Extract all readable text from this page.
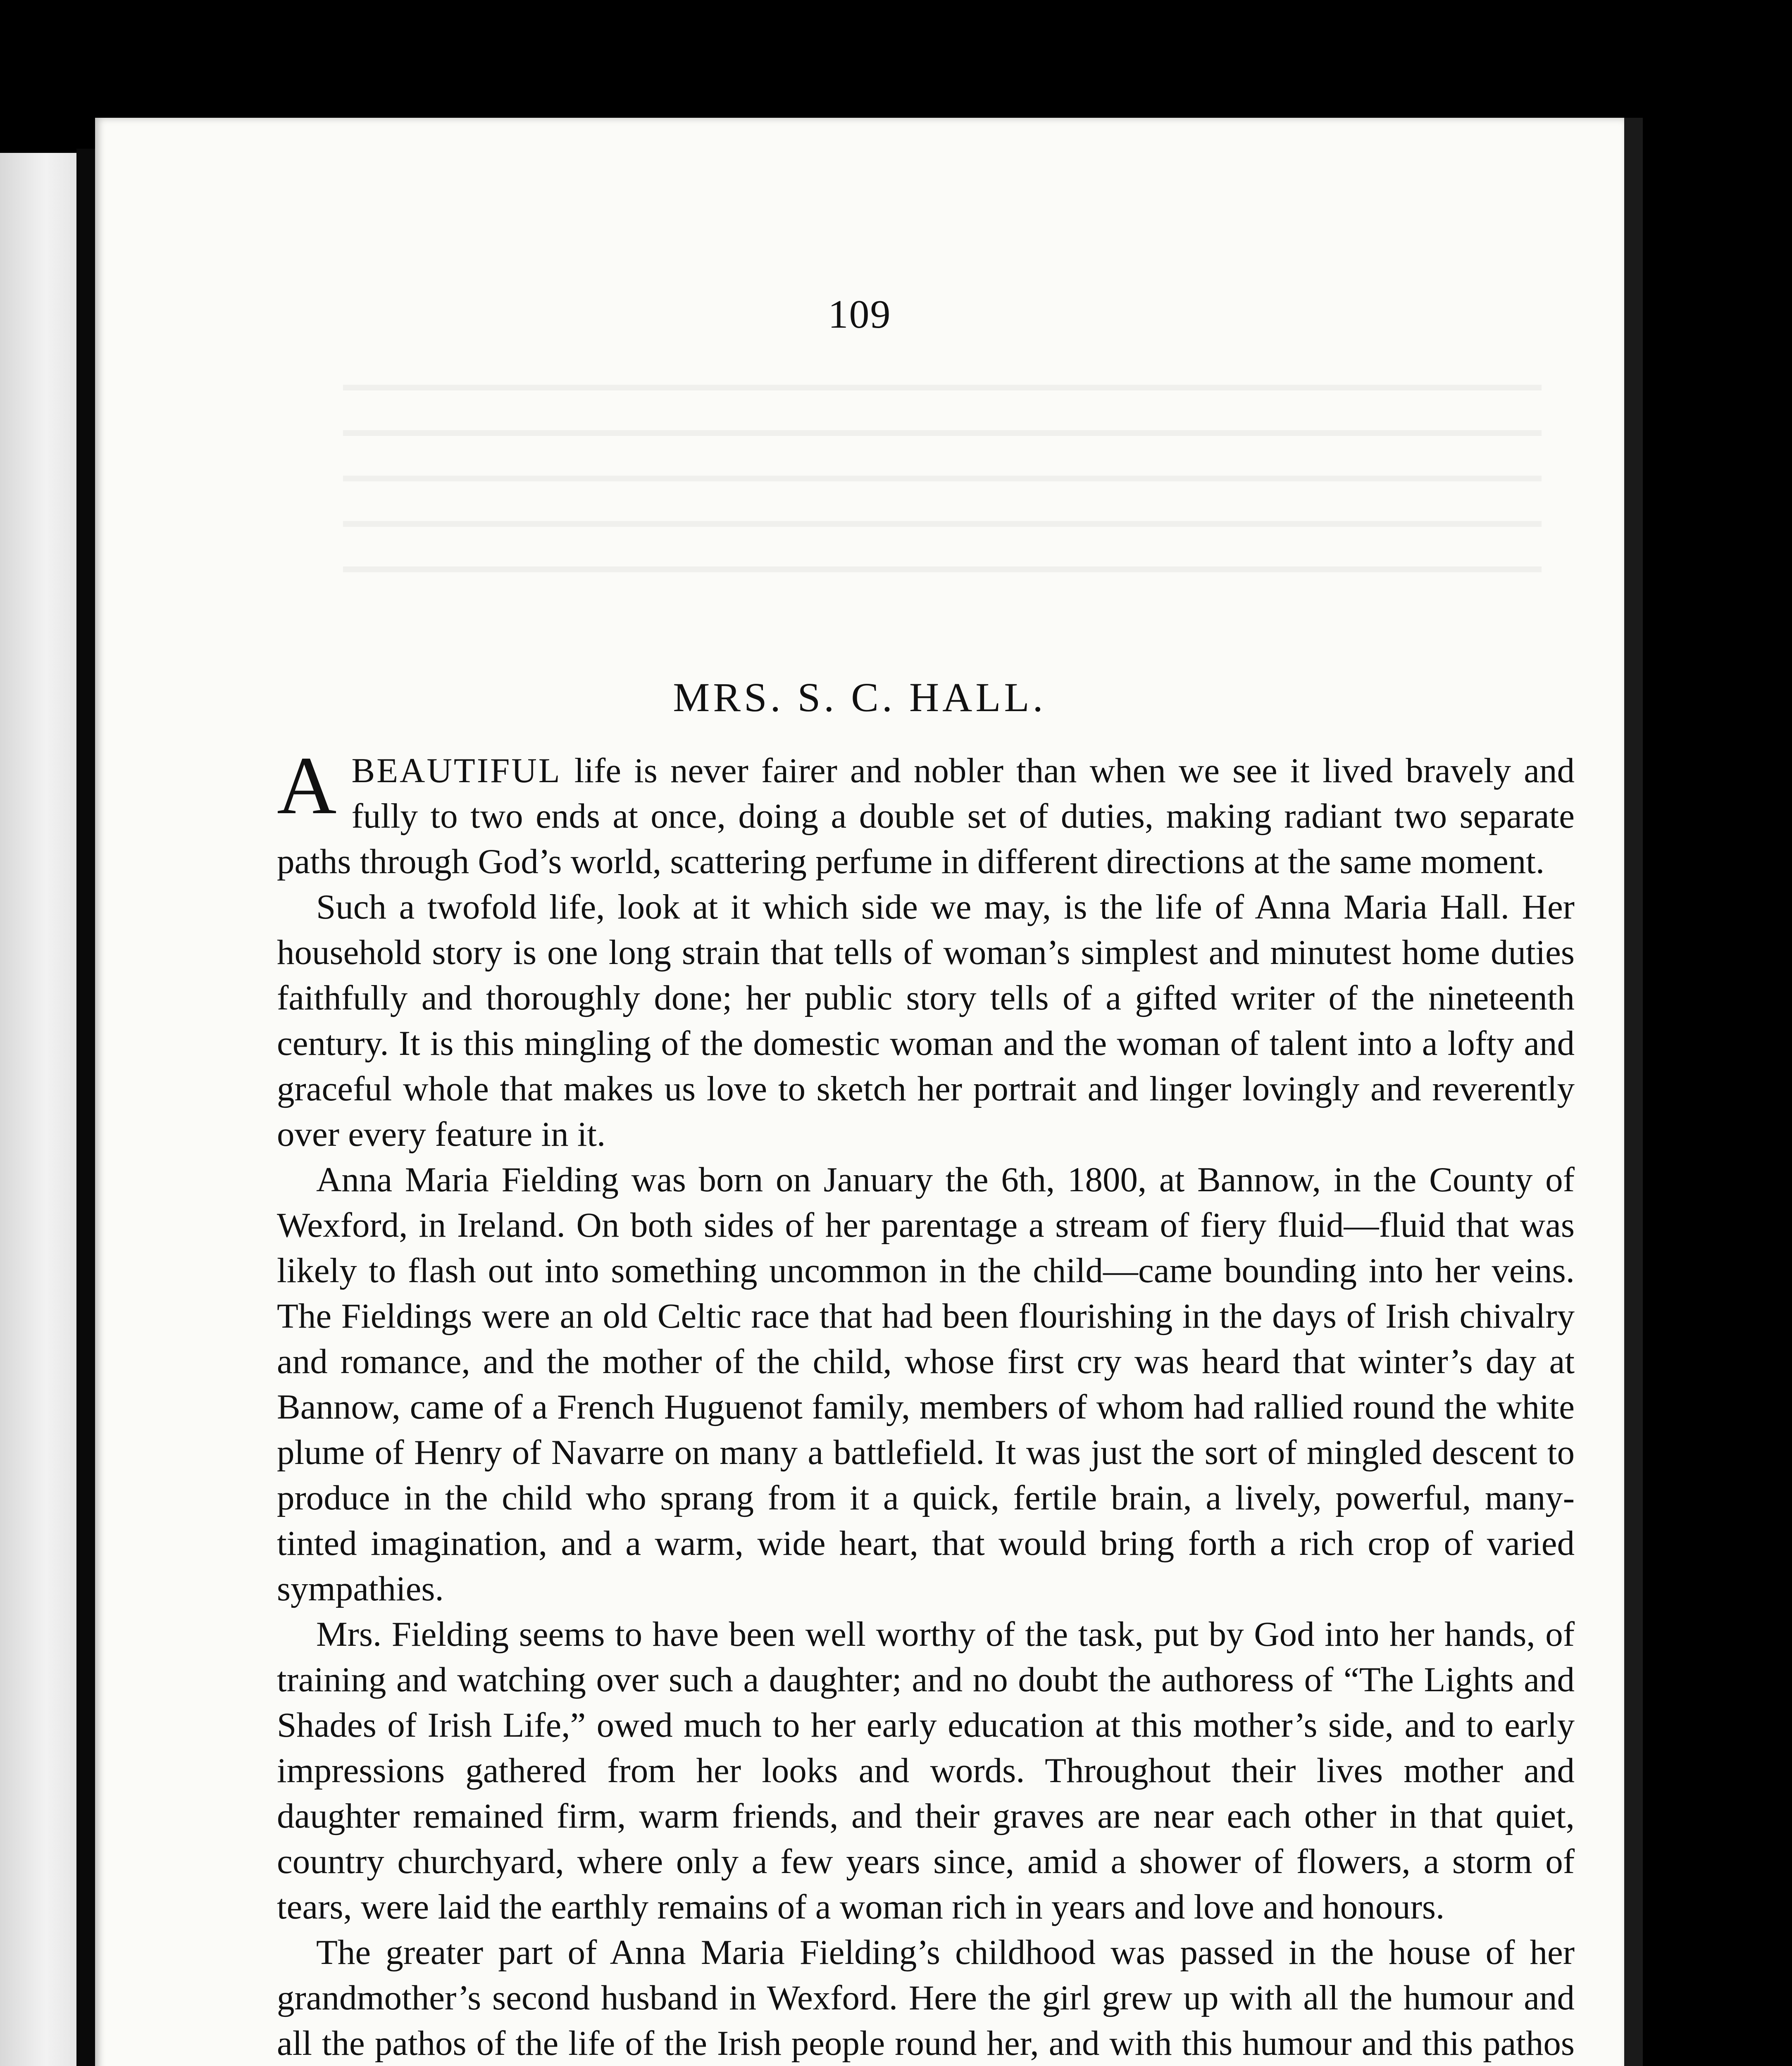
109
MRS. S. C. HALL.

ABEAUTIFUL life is never fairer and nobler than when we see it lived bravely and fully to two ends at once, doing a double set of duties, making radiant two separate paths through God’s world, scattering perfume in different directions at the same moment.

Such a twofold life, look at it which side we may, is the life of Anna Maria Hall. Her household story is one long strain that tells of woman’s simplest and minutest home duties faithfully and thoroughly done; her public story tells of a gifted writer of the nineteenth century. It is this mingling of the domestic woman and the woman of talent into a lofty and graceful whole that makes us love to sketch her portrait and linger lovingly and reverently over every feature in it.

Anna Maria Fielding was born on January the 6th, 1800, at Bannow, in the County of Wexford, in Ireland. On both sides of her parentage a stream of fiery fluid—fluid that was likely to flash out into something uncommon in the child—came bounding into her veins. The Fieldings were an old Celtic race that had been flourishing in the days of Irish chivalry and romance, and the mother of the child, whose first cry was heard that winter’s day at Bannow, came of a French Huguenot family, members of whom had rallied round the white plume of Henry of Navarre on many a battlefield. It was just the sort of mingled descent to produce in the child who sprang from it a quick, fertile brain, a lively, powerful, many-tinted imagination, and a warm, wide heart, that would bring forth a rich crop of varied sympathies.

Mrs. Fielding seems to have been well worthy of the task, put by God into her hands, of training and watching over such a daughter; and no doubt the authoress of “The Lights and Shades of Irish Life,” owed much to her early education at this mother’s side, and to early impressions gathered from her looks and words. Throughout their lives mother and daughter remained firm, warm friends, and their graves are near each other in that quiet, country churchyard, where only a few years since, amid a shower of flowers, a storm of tears, were laid the earthly remains of a woman rich in years and love and honours.

The greater part of Anna Maria Fielding’s childhood was passed in the house of her grandmother’s second husband in Wexford. Here the girl grew up with all the humour and all the pathos of the life of the Irish people round her, and with this humour and this pathos
